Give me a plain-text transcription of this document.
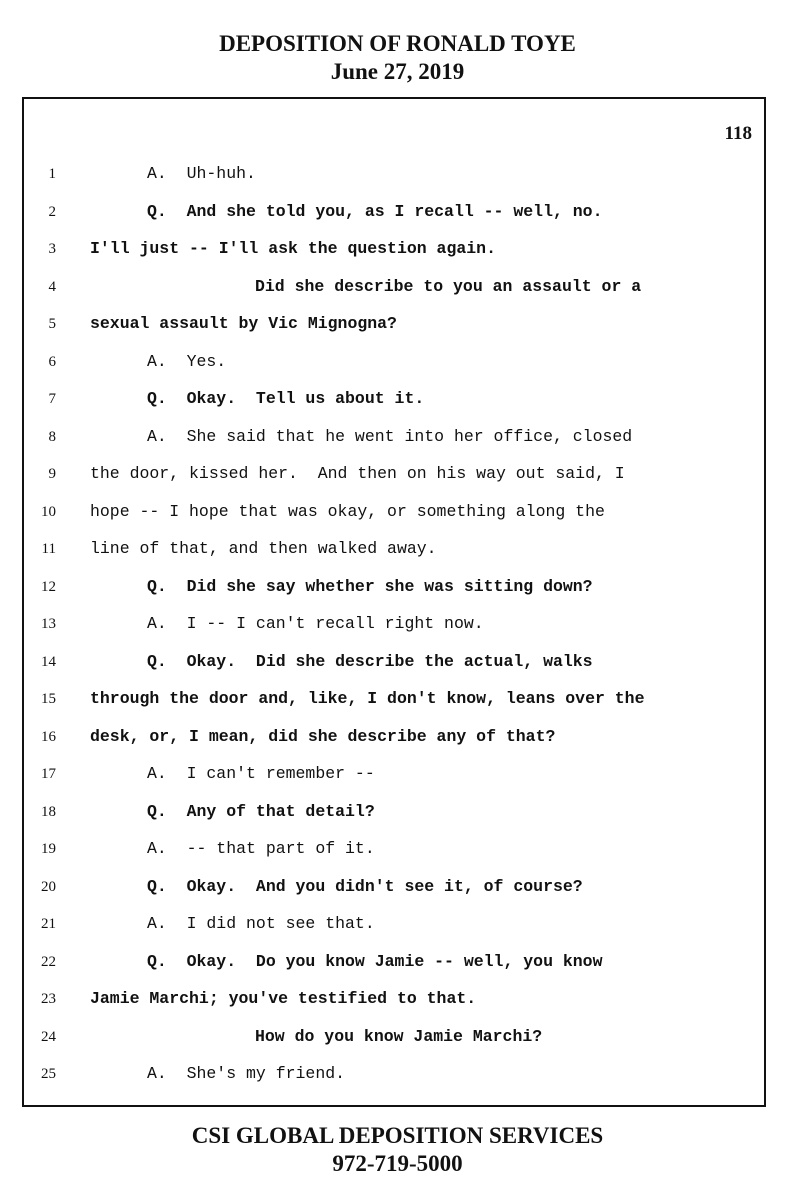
DEPOSITION OF RONALD TOYE
June 27, 2019
118
1	A.  Uh-huh.
2	Q.  And she told you, as I recall -- well, no.
3 I'll just -- I'll ask the question again.
4	Did she describe to you an assault or a
5 sexual assault by Vic Mignogna?
6	A.  Yes.
7	Q.  Okay.  Tell us about it.
8	A.  She said that he went into her office, closed
9 the door, kissed her.  And then on his way out said, I
10 hope -- I hope that was okay, or something along the
11 line of that, and then walked away.
12	Q.  Did she say whether she was sitting down?
13	A.  I -- I can't recall right now.
14	Q.  Okay.  Did she describe the actual, walks
15 through the door and, like, I don't know, leans over the
16 desk, or, I mean, did she describe any of that?
17	A.  I can't remember --
18	Q.  Any of that detail?
19	A.  -- that part of it.
20	Q.  Okay.  And you didn't see it, of course?
21	A.  I did not see that.
22	Q.  Okay.  Do you know Jamie -- well, you know
23 Jamie Marchi; you've testified to that.
24	How do you know Jamie Marchi?
25	A.  She's my friend.
CSI GLOBAL DEPOSITION SERVICES
972-719-5000
